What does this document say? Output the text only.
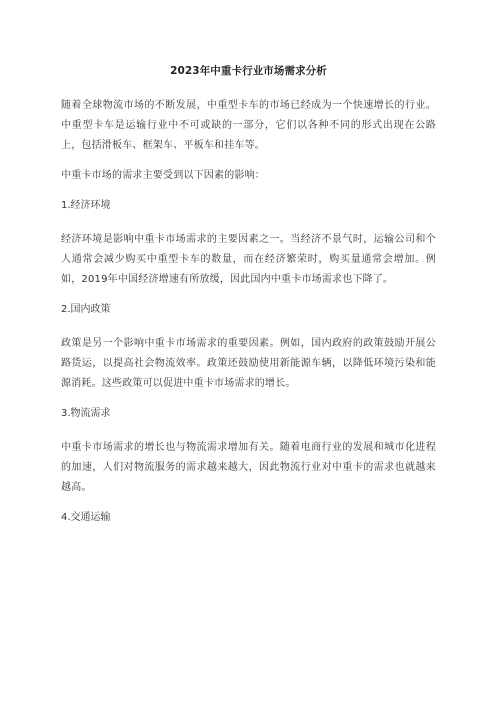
2023年中重卡行业市场需求分析

随着全球物流市场的不断发展，中重型卡车的市场已经成为一个快速增长的行业。中重型卡车是运输行业中不可或缺的一部分，它们以各种不同的形式出现在公路上，包括滑板车、框架车、平板车和挂车等。

中重卡市场的需求主要受到以下因素的影响：

1.经济环境

经济环境是影响中重卡市场需求的主要因素之一。当经济不景气时，运输公司和个人通常会减少购买中重型卡车的数量，而在经济繁荣时，购买量通常会增加。例如，2019年中国经济增速有所放缓，因此国内中重卡市场需求也下降了。

2.国内政策

政策是另一个影响中重卡市场需求的重要因素。例如，国内政府的政策鼓励开展公路货运，以提高社会物流效率。政策还鼓励使用新能源车辆，以降低环境污染和能源消耗。这些政策可以促进中重卡市场需求的增长。

3.物流需求

中重卡市场需求的增长也与物流需求增加有关。随着电商行业的发展和城市化进程的加速，人们对物流服务的需求越来越大，因此物流行业对中重卡的需求也就越来越高。

4.交通运输
